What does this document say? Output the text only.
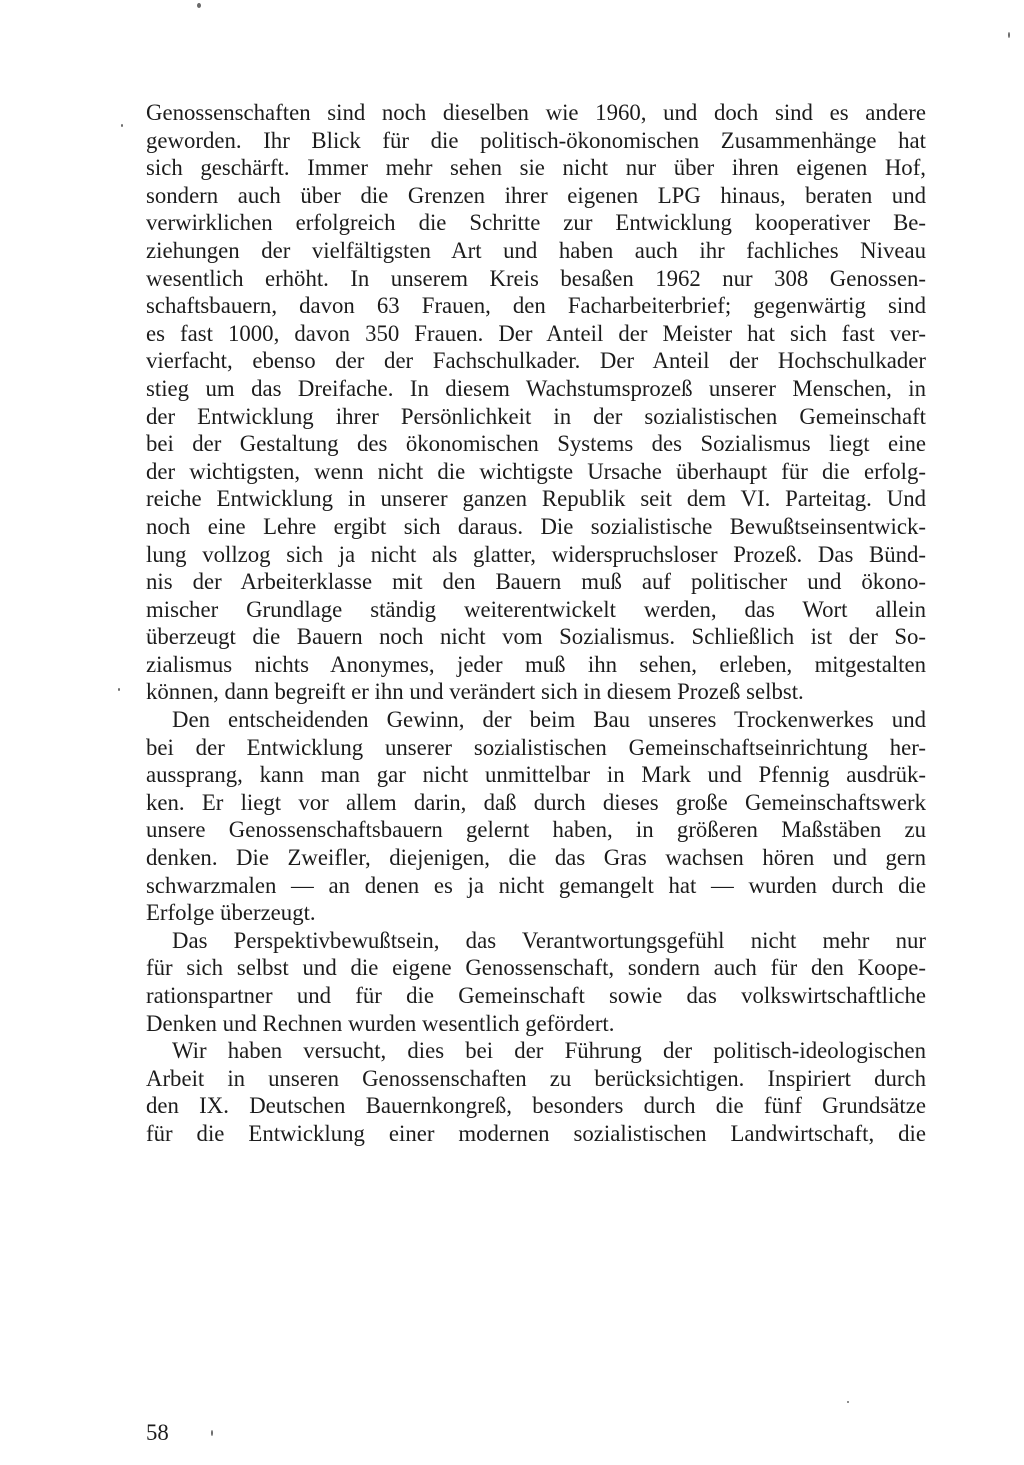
Genossenschaften sind noch dieselben wie 1960, und doch sind es andere
geworden. Ihr Blick für die politisch-ökonomischen Zusammenhänge hat
sich geschärft. Immer mehr sehen sie nicht nur über ihren eigenen Hof,
sondern auch über die Grenzen ihrer eigenen LPG hinaus, beraten und
verwirklichen erfolgreich die Schritte zur Entwicklung kooperativer Be-
ziehungen der vielfältigsten Art und haben auch ihr fachliches Niveau
wesentlich erhöht. In unserem Kreis besaßen 1962 nur 308 Genossen-
schaftsbauern, davon 63 Frauen, den Facharbeiterbrief; gegenwärtig sind
es fast 1000, davon 350 Frauen. Der Anteil der Meister hat sich fast ver-
vierfacht, ebenso der der Fachschulkader. Der Anteil der Hochschulkader
stieg um das Dreifache. In diesem Wachstumsprozeß unserer Menschen, in
der Entwicklung ihrer Persönlichkeit in der sozialistischen Gemeinschaft
bei der Gestaltung des ökonomischen Systems des Sozialismus liegt eine
der wichtigsten, wenn nicht die wichtigste Ursache überhaupt für die erfolg-
reiche Entwicklung in unserer ganzen Republik seit dem VI. Parteitag. Und
noch eine Lehre ergibt sich daraus. Die sozialistische Bewußtseinsentwick-
lung vollzog sich ja nicht als glatter, widerspruchsloser Prozeß. Das Bünd-
nis der Arbeiterklasse mit den Bauern muß auf politischer und ökono-
mischer Grundlage ständig weiterentwickelt werden, das Wort allein
überzeugt die Bauern noch nicht vom Sozialismus. Schließlich ist der So-
zialismus nichts Anonymes, jeder muß ihn sehen, erleben, mitgestalten
können, dann begreift er ihn und verändert sich in diesem Prozeß selbst.
Den entscheidenden Gewinn, der beim Bau unseres Trockenwerkes und
bei der Entwicklung unserer sozialistischen Gemeinschaftseinrichtung her-
aussprang, kann man gar nicht unmittelbar in Mark und Pfennig ausdrük-
ken. Er liegt vor allem darin, daß durch dieses große Gemeinschaftswerk
unsere Genossenschaftsbauern gelernt haben, in größeren Maßstäben zu
denken. Die Zweifler, diejenigen, die das Gras wachsen hören und gern
schwarzmalen — an denen es ja nicht gemangelt hat — wurden durch die
Erfolge überzeugt.
Das Perspektivbewußtsein, das Verantwortungsgefühl nicht mehr nur
für sich selbst und die eigene Genossenschaft, sondern auch für den Koope-
rationspartner und für die Gemeinschaft sowie das volkswirtschaftliche
Denken und Rechnen wurden wesentlich gefördert.
Wir haben versucht, dies bei der Führung der politisch-ideologischen
Arbeit in unseren Genossenschaften zu berücksichtigen. Inspiriert durch
den IX. Deutschen Bauernkongreß, besonders durch die fünf Grundsätze
für die Entwicklung einer modernen sozialistischen Landwirtschaft, die
58
